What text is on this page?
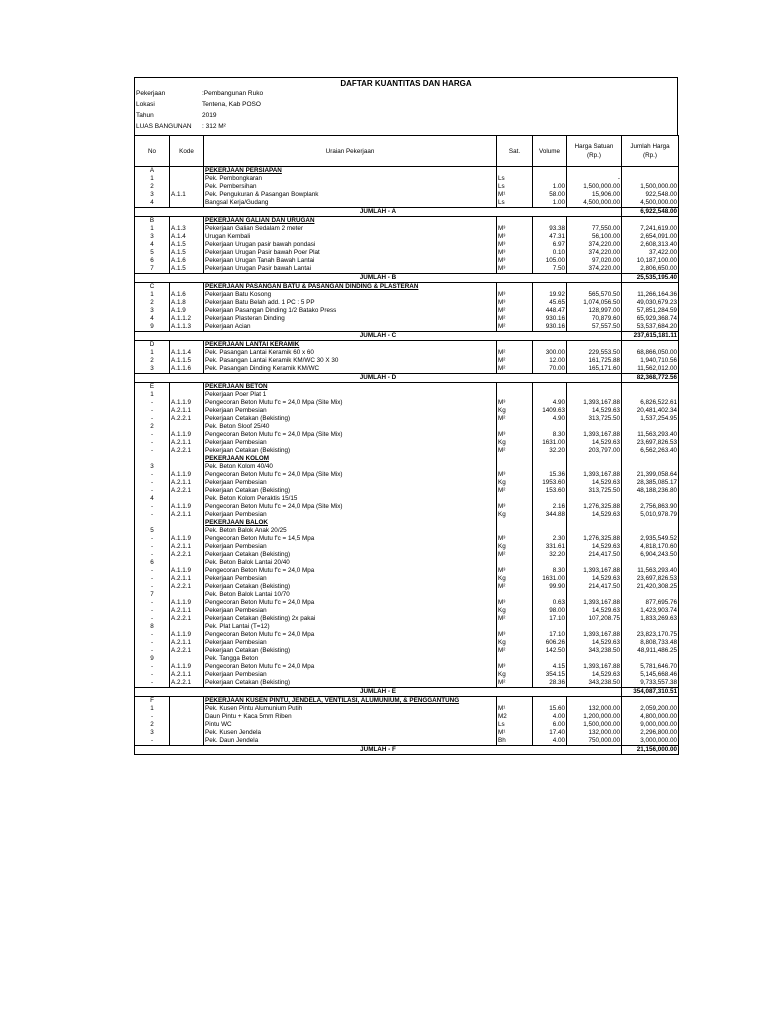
DAFTAR KUANTITAS DAN HARGA
Pekerjaan	:Pembangunan Ruko
Lokasi	Tentena, Kab POSO
Tahun	2019
LUAS BANGUNAN : 312 M²
No	Kode	Uraian Pekerjaan	Sat.	Volume	Harga Satuan (Rp.)	Jumlah Harga (Rp.)
A		PEKERJAAN PERSIAPAN				
1		Pek. Pembongkaran	Ls		-	
2		Pek. Pembersihan	Ls	1.00	1,500,000.00	1,500,000.00
3	A.1.1	Pek. Pengukuran & Pasangan Bowplank	M¹	58.00	15,906.00	922,548.00
4		Bangsal Kerja/Gudang	Ls	1.00	4,500,000.00	4,500,000.00
JUMLAH - A						6,922,548.00
B		PEKERJAAN GALIAN DAN URUGAN				
1	A.1.3	Pekerjaan Galian Sedalam 2 meter	M³	93.38	77,550.00	7,241,619.00
3	A.1.4	Urugan Kembali	M³	47.31	56,100.00	2,654,091.00
4	A.1.5	Pekerjaan Urugan pasir bawah pondasi	M³	6.97	374,220.00	2,608,313.40
5	A.1.5	Pekerjaan Urugan Pasir bawah Poer Plat	M³	0.10	374,220.00	37,422.00
6	A.1.6	Pekerjaan Urugan Tanah Bawah Lantai	M³	105.00	97,020.00	10,187,100.00
7	A.1.5	Pekerjaan Urugan Pasir bawah Lantai	M³	7.50	374,220.00	2,806,650.00
JUMLAH - B						25,535,195.40
C		PEKERJAAN PASANGAN BATU & PASANGAN DINDING & PLASTERAN				
1	A.1.6	Pekerjaan Batu Kosong	M³	19.92	565,570.50	11,266,164.36
2	A.1.8	Pekerjaan Batu Belah add. 1 PC : 5 PP	M³	45.65	1,074,056.50	49,030,679.23
3	A.1.9	Pekerjaan Pasangan Dinding 1/2 Batako Press	M²	448.47	128,997.00	57,851,284.59
4	A.1.1.2	Pekerjaan Plasteran Dinding	M²	930.16	70,879.60	65,929,368.74
9	A.1.1.3	Pekerjaan Acian	M²	930.16	57,557.50	53,537,684.20
JUMLAH - C						237,615,181.11
D		PEKERJAAN LANTAI KERAMIK				
1	A.1.1.4	Pek. Pasangan Lantai Keramik 60 x 60	M²	300.00	229,553.50	68,866,050.00
2	A.1.1.5	Pek. Pasangan Lantai Keramik KM/WC 30 X 30	M²	12.00	161,725.88	1,940,710.56
3	A.1.1.6	Pek. Pasangan Dinding Keramik KM/WC	M²	70.00	165,171.60	11,562,012.00
JUMLAH - D						82,368,772.56
E		PEKERJAAN BETON				
1		Pekerjaan Poer Plat 1				
-	A.1.1.9	Pengecoran Beton Mutu f'c = 24,0 Mpa (Site Mix)	M³	4.90	1,393,167.88	6,826,522.61
-	A.2.1.1	Pekerjaan Pembesian	Kg	1409.63	14,529.63	20,481,402.34
-	A.2.2.1	Pekerjaan Cetakan (Bekisting)	M²	4.90	313,725.50	1,537,254.95
2		Pek. Beton Sloof 25/40				
-	A.1.1.9	Pengecoran Beton Mutu f'c = 24,0 Mpa (Site Mix)	M³	8.30	1,393,167.88	11,563,293.40
-	A.2.1.1	Pekerjaan Pembesian	Kg	1631.00	14,529.63	23,697,826.53
-	A.2.2.1	Pekerjaan Cetakan (Bekisting)	M²	32.20	203,797.00	6,562,263.40
		PEKERJAAN KOLOM				
3		Pek. Beton Kolom 40/40				
-	A.1.1.9	Pengecoran Beton Mutu f'c = 24,0 Mpa (Site Mix)	M³	15.36	1,393,167.88	21,399,058.64
-	A.2.1.1	Pekerjaan Pembesian	Kg	1953.60	14,529.63	28,385,085.17
-	A.2.2.1	Pekerjaan Cetakan (Bekisting)	M²	153.60	313,725.50	48,188,236.80
4		Pek. Beton Kolom Peraktis 15/15				
-	A.1.1.9	Pengecoran Beton Mutu f'c = 24,0 Mpa (Site Mix)	M³	2.16	1,276,325.88	2,756,863.90
-	A.2.1.1	Pekerjaan Pembesian	Kg	344.88	14,529.63	5,010,978.79
		PEKERJAAN BALOK				
5		Pek. Beton Balok Anak 20/25				
-	A.1.1.9	Pengecoran Beton Mutu f'c = 14,5 Mpa	M³	2.30	1,276,325.88	2,935,549.52
-	A.2.1.1	Pekerjaan Pembesian	Kg	331.61	14,529.63	4,818,170.60
-	A.2.2.1	Pekerjaan Cetakan (Bekisting)	M²	32.20	214,417.50	6,904,243.50
6		Pek. Beton Balok Lantai 20/40				
-	A.1.1.9	Pengecoran Beton Mutu f'c = 24,0 Mpa	M³	8.30	1,393,167.88	11,563,293.40
-	A.2.1.1	Pekerjaan Pembesian	Kg	1631.00	14,529.63	23,697,826.53
-	A.2.2.1	Pekerjaan Cetakan (Bekisting)	M²	99.90	214,417.50	21,420,308.25
7		Pek. Beton Balok Lantai 10/70				
-	A.1.1.9	Pengecoran Beton Mutu f'c = 24,0 Mpa	M³	0.63	1,393,167.88	877,695.76
-	A.2.1.1	Pekerjaan Pembesian	Kg	98.00	14,529.63	1,423,903.74
-	A.2.2.1	Pekerjaan Cetakan (Bekisting) 2x pakai	M²	17.10	107,208.75	1,833,269.63
8		Pek. Plat Lantai (T=12)				
-	A.1.1.9	Pengecoran Beton Mutu f'c = 24,0 Mpa	M³	17.10	1,393,167.88	23,823,170.75
-	A.2.1.1	Pekerjaan Pembesian	Kg	606.26	14,529.63	8,808,733.48
-	A.2.2.1	Pekerjaan Cetakan (Bekisting)	M²	142.50	343,238.50	48,911,486.25
9		Pek. Tangga Beton				
-	A.1.1.9	Pengecoran Beton Mutu f'c = 24,0 Mpa	M³	4.15	1,393,167.88	5,781,646.70
-	A.2.1.1	Pekerjaan Pembesian	Kg	354.15	14,529.63	5,145,668.46
-	A.2.2.1	Pekerjaan Cetakan (Bekisting)	M²	28.36	343,238.50	9,733,557.38
JUMLAH - E						354,087,310.51
F		PEKERJAAN KUSEN PINTU, JENDELA, VENTILASI, ALUMUNIUM, & PENGGANTUNG				
1		Pek. Kusen Pintu Alumunium Putih	M¹	15.60	132,000.00	2,059,200.00
-		Daun Pintu + Kaca 5mm Riben	M2	4.00	1,200,000.00	4,800,000.00
2		Pintu WC	Ls	6.00	1,500,000.00	9,000,000.00
3		Pek. Kusen Jendela	M¹	17.40	132,000.00	2,296,800.00
-		Pek. Daun Jendela	Bh	4.00	750,000.00	3,000,000.00
JUMLAH - F						21,156,000.00
